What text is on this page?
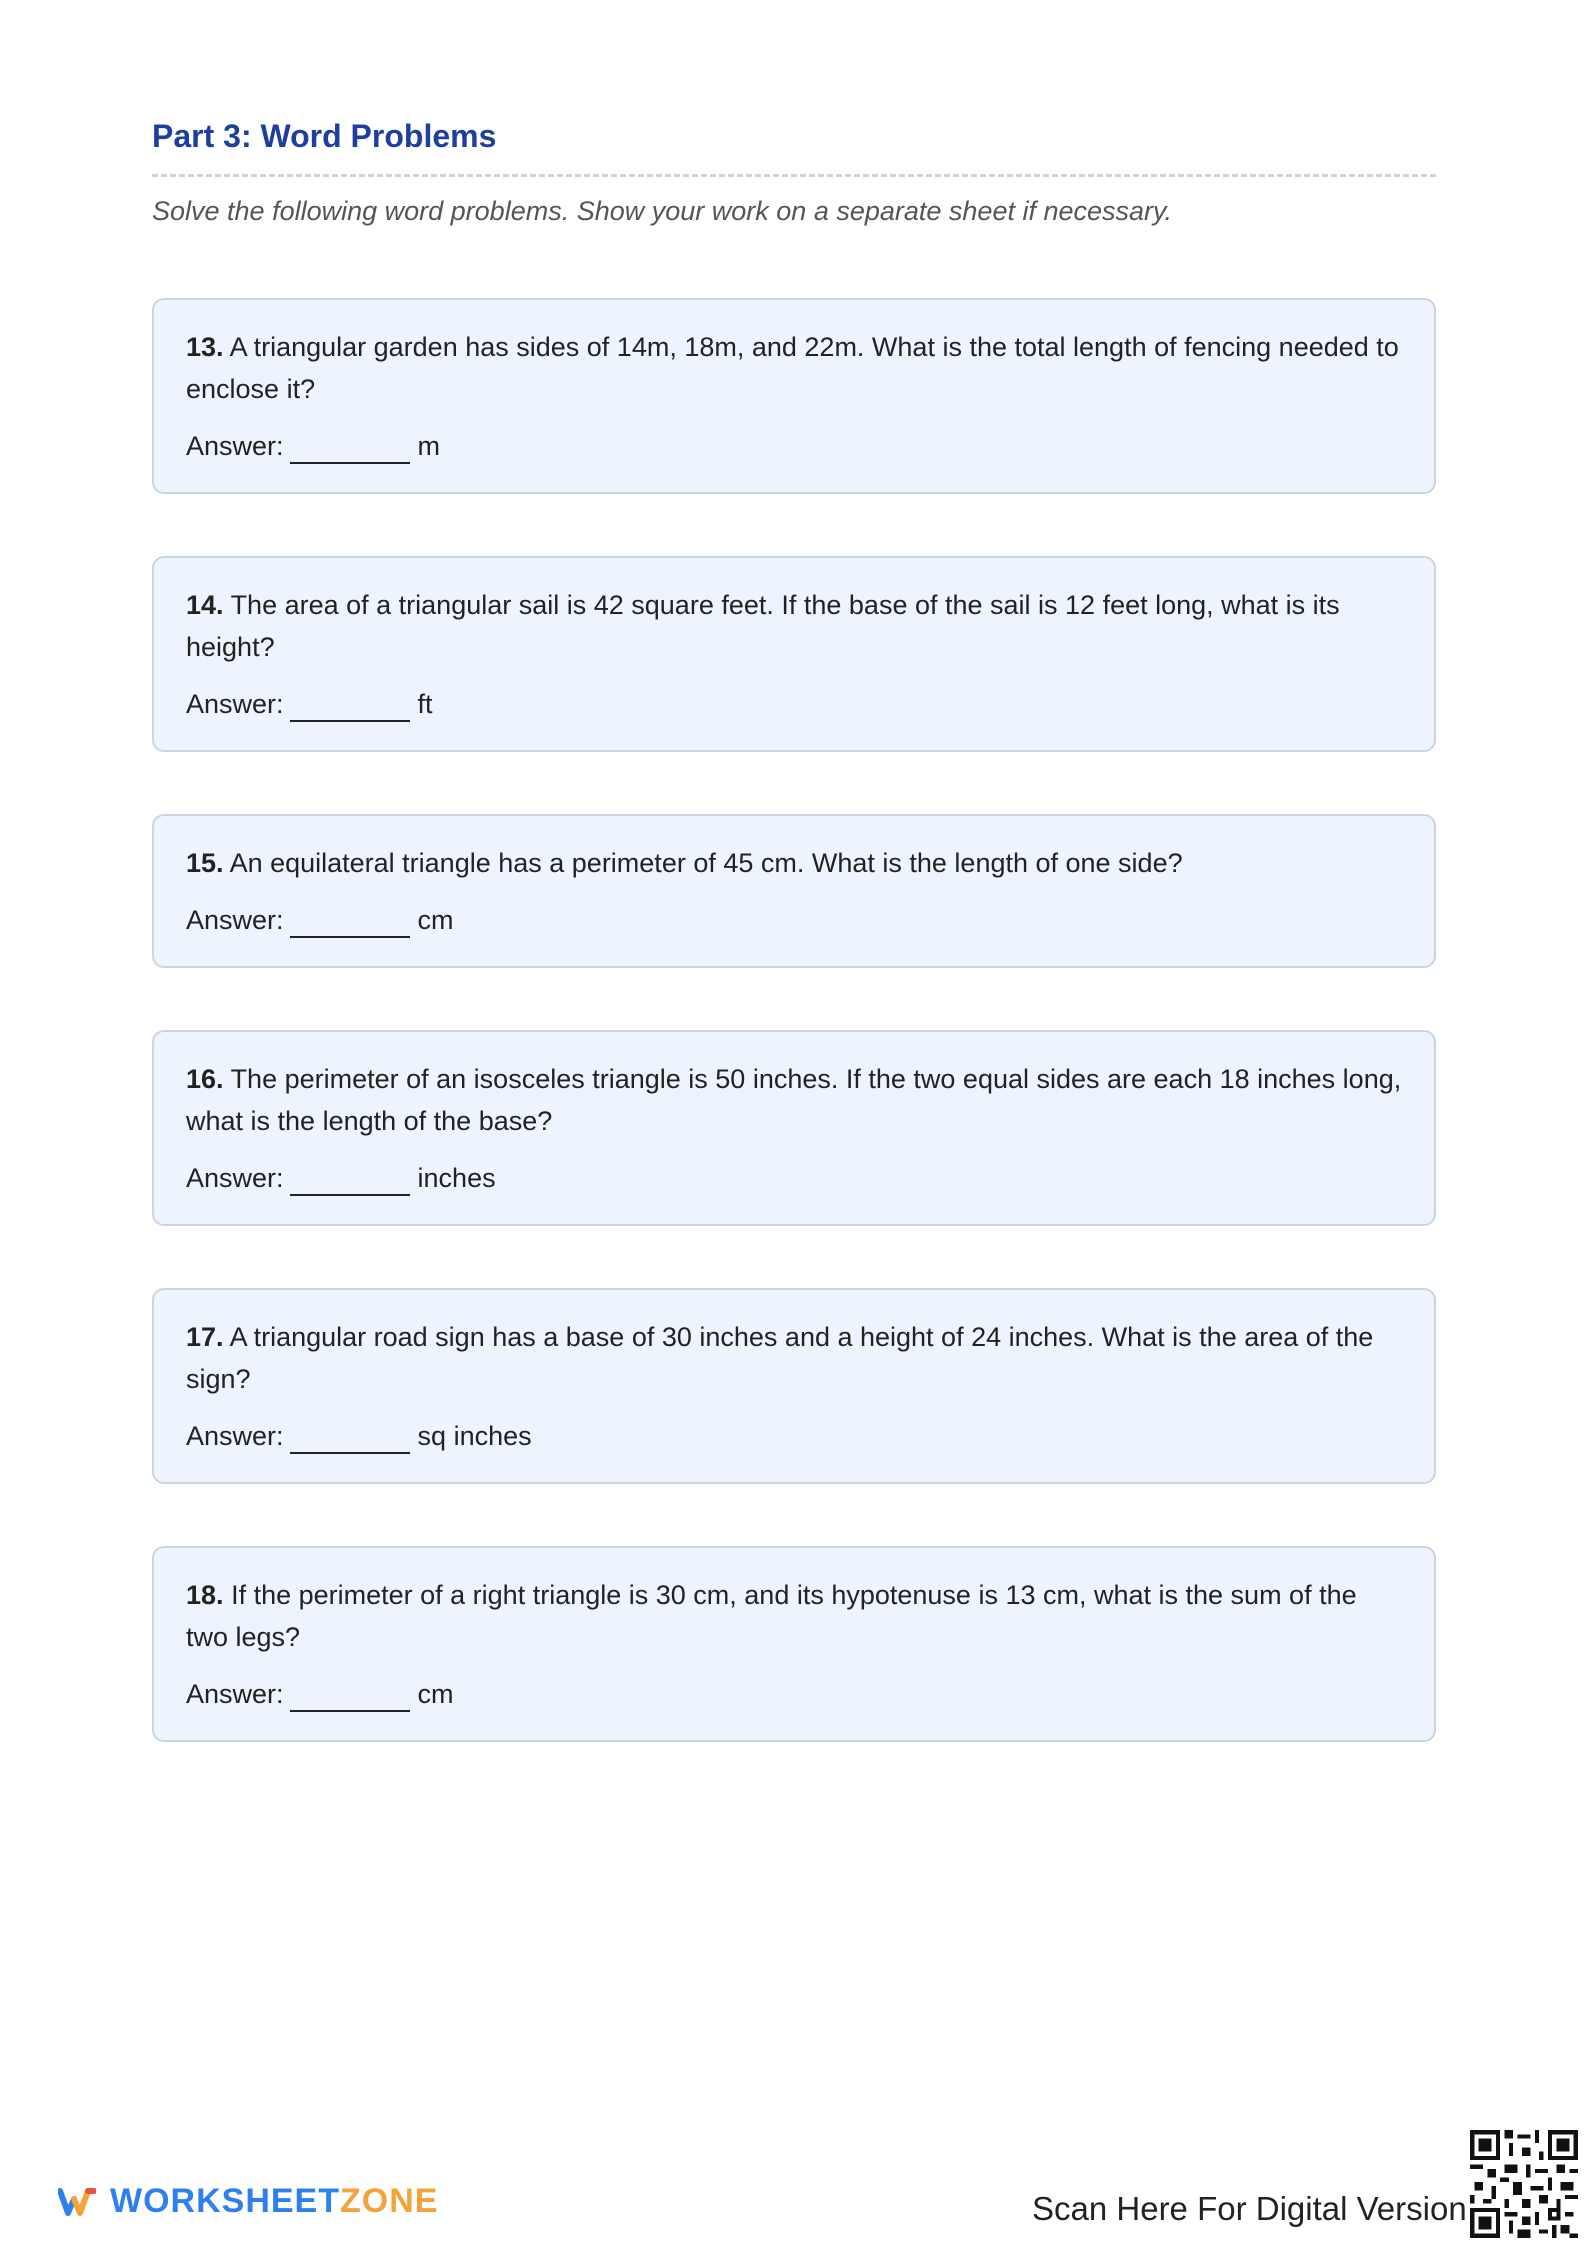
Part 3: Word Problems
Solve the following word problems. Show your work on a separate sheet if necessary.
13. A triangular garden has sides of 14m, 18m, and 22m. What is the total length of fencing needed to enclose it?
Answer:	m
14. The area of a triangular sail is 42 square feet. If the base of the sail is 12 feet long, what is its height?
Answer:	ft
15. An equilateral triangle has a perimeter of 45 cm. What is the length of one side?
Answer:	cm
16. The perimeter of an isosceles triangle is 50 inches. If the two equal sides are each 18 inches long, what is the length of the base?
Answer:	inches
17. A triangular road sign has a base of 30 inches and a height of 24 inches. What is the area of the sign?
Answer:	sq inches
18. If the perimeter of a right triangle is 30 cm, and its hypotenuse is 13 cm, what is the sum of the two legs?
Answer:	cm
WORKSHEETZONE	Scan Here For Digital Version
